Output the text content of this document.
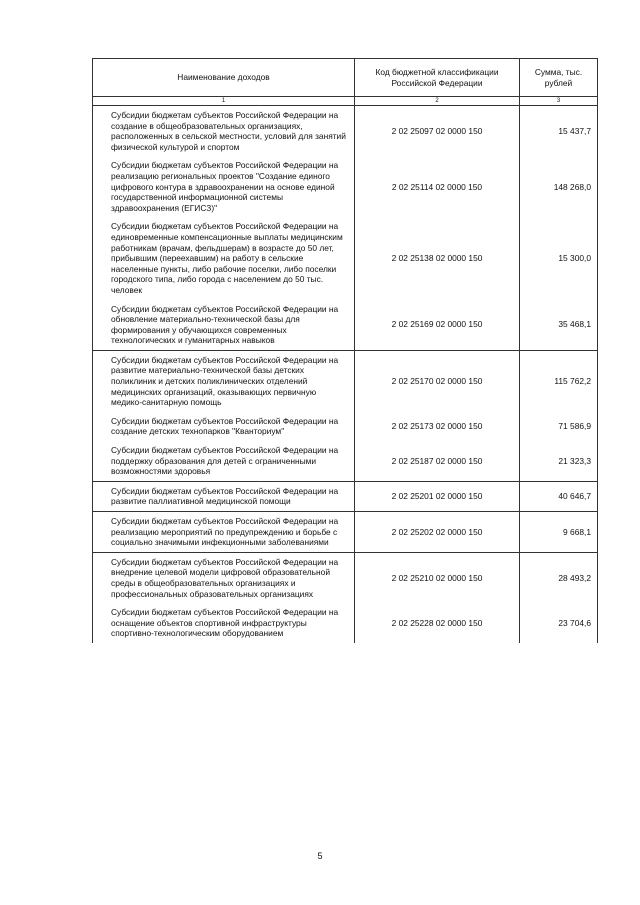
Наименование доходов	Код бюджетной классификации Российской Федерации	Сумма, тыс. рублей
1	2	3
Субсидии бюджетам субъектов Российской Федерации на создание в общеобразовательных организациях, расположенных в сельской местности, условий для занятий физической культурой и спортом	2 02 25097 02 0000 150	15 437,7
Субсидии бюджетам субъектов Российской Федерации на реализацию региональных проектов "Создание единого цифрового контура в здравоохранении на основе единой государственной информационной системы здравоохранения (ЕГИСЗ)"	2 02 25114 02 0000 150	148 268,0
Субсидии бюджетам субъектов Российской Федерации на единовременные компенсационные выплаты медицинским работникам (врачам, фельдшерам) в возрасте до 50 лет, прибывшим (переехавшим) на работу в сельские населенные пункты, либо рабочие поселки, либо поселки городского типа, либо города с населением до 50 тыс. человек	2 02 25138 02 0000 150	15 300,0
Субсидии бюджетам субъектов Российской Федерации на обновление материально-технической базы для формирования у обучающихся современных технологических и гуманитарных навыков	2 02 25169 02 0000 150	35 468,1
Субсидии бюджетам субъектов Российской Федерации на развитие материально-технической базы детских поликлиник и детских поликлинических отделений медицинских организаций, оказывающих первичную медико-санитарную помощь	2 02 25170 02 0000 150	115 762,2
Субсидии бюджетам субъектов Российской Федерации на создание детских технопарков "Кванториум"	2 02 25173 02 0000 150	71 586,9
Субсидии бюджетам субъектов Российской Федерации на поддержку образования для детей с ограниченными возможностями здоровья	2 02 25187 02 0000 150	21 323,3
Субсидии бюджетам субъектов Российской Федерации на развитие паллиативной медицинской помощи	2 02 25201 02 0000 150	40 646,7
Субсидии бюджетам субъектов Российской Федерации на реализацию мероприятий по предупреждению и борьбе с социально значимыми инфекционными заболеваниями	2 02 25202 02 0000 150	9 668,1
Субсидии бюджетам субъектов Российской Федерации на внедрение целевой модели цифровой образовательной среды в общеобразовательных организациях и профессиональных образовательных организациях	2 02 25210 02 0000 150	28 493,2
Субсидии бюджетам субъектов Российской Федерации на оснащение объектов спортивной инфраструктуры спортивно-технологическим оборудованием	2 02 25228 02 0000 150	23 704,6
5
